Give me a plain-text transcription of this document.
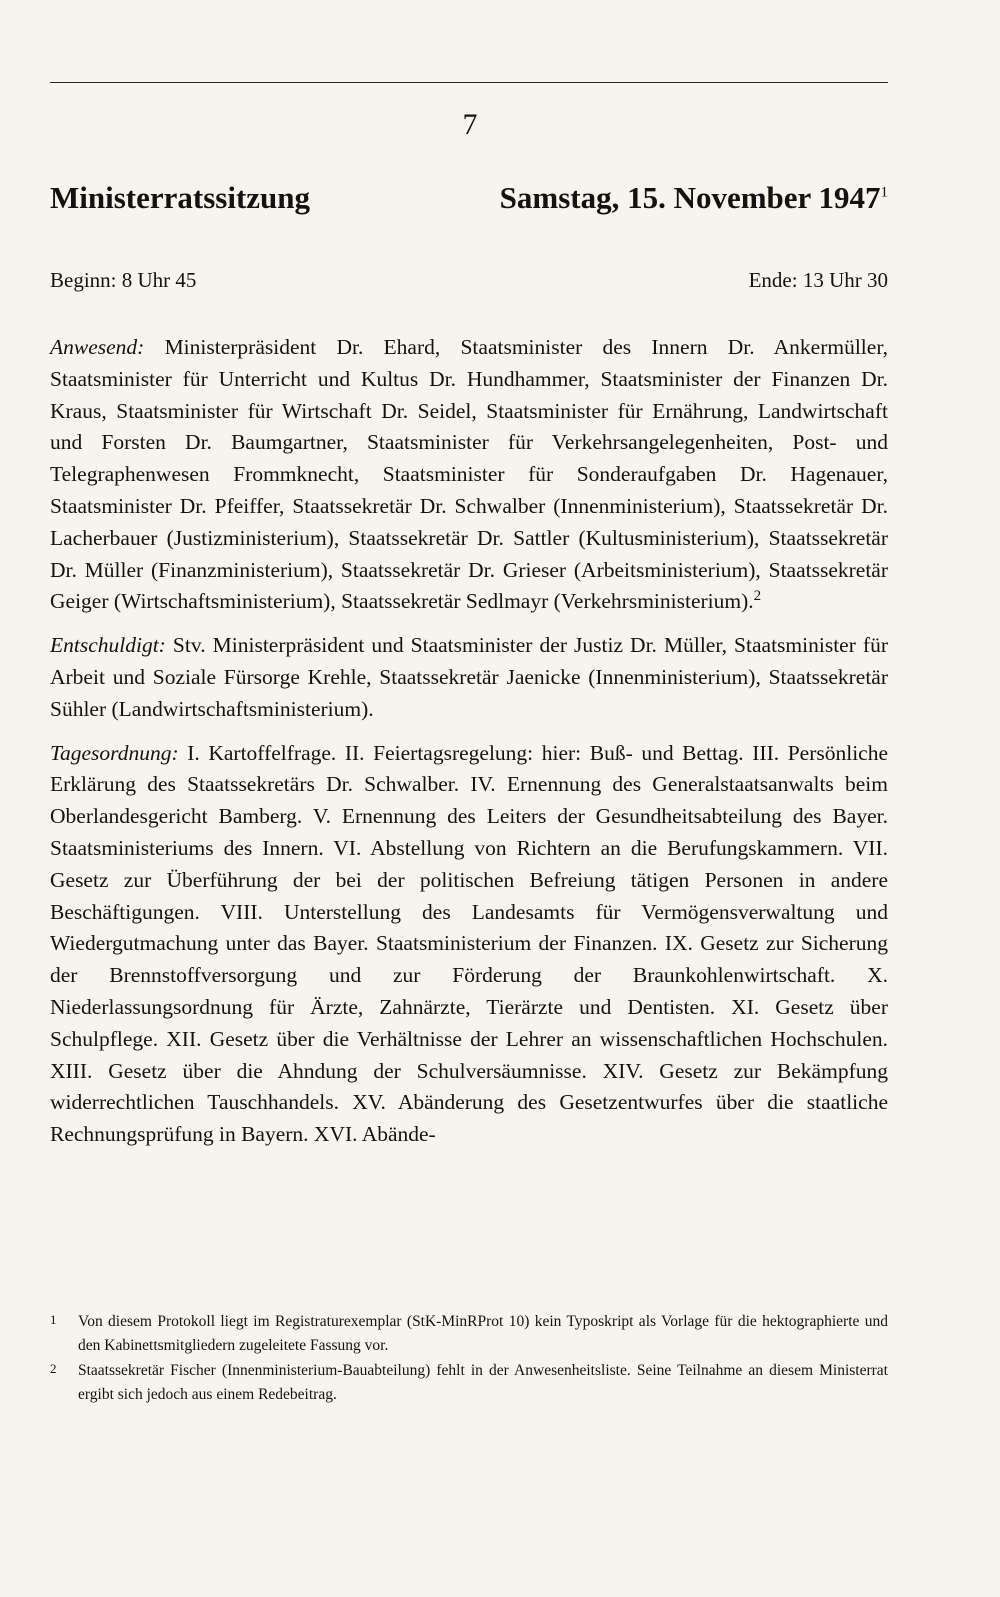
7
Ministerratssitzung	Samstag, 15. November 1947$^1$
Beginn: 8 Uhr 45	Ende: 13 Uhr 30

Anwesend: Ministerpräsident Dr. Ehard, Staatsminister des Innern Dr. Ankermüller, Staatsminister für Unterricht und Kultus Dr. Hundhammer, Staatsminister der Finanzen Dr. Kraus, Staatsminister für Wirtschaft Dr. Seidel, Staatsminister für Ernährung, Landwirtschaft und Forsten Dr. Baumgartner, Staatsminister für Verkehrsangelegenheiten, Post- und Telegraphenwesen Frommknecht, Staatsminister für Sonderaufgaben Dr. Hagenauer, Staatsminister Dr. Pfeiffer, Staatssekretär Dr. Schwalber (Innenministerium), Staatssekretär Dr. Lacherbauer (Justizministerium), Staatssekretär Dr. Sattler (Kultusministerium), Staatssekretär Dr. Müller (Finanzministerium), Staatssekretär Dr. Grieser (Arbeitsministerium), Staatssekretär Geiger (Wirtschaftsministerium), Staatssekretär Sedlmayr (Verkehrsministerium).$^2$

Entschuldigt: Stv. Ministerpräsident und Staatsminister der Justiz Dr. Müller, Staatsminister für Arbeit und Soziale Fürsorge Krehle, Staatssekretär Jaenicke (Innenministerium), Staatssekretär Sühler (Landwirtschaftsministerium).

Tagesordnung: I. Kartoffelfrage. II. Feiertagsregelung: hier: Buß- und Bettag. III. Persönliche Erklärung des Staatssekretärs Dr. Schwalber. IV. Ernennung des Generalstaatsanwalts beim Oberlandesgericht Bamberg. V. Ernennung des Leiters der Gesundheitsabteilung des Bayer. Staatsministeriums des Innern. VI. Abstellung von Richtern an die Berufungskammern. VII. Gesetz zur Überführung der bei der politischen Befreiung tätigen Personen in andere Beschäftigungen. VIII. Unterstellung des Landesamts für Vermögensverwaltung und Wiedergutmachung unter das Bayer. Staatsministerium der Finanzen. IX. Gesetz zur Sicherung der Brennstoffversorgung und zur Förderung der Braunkohlenwirtschaft. X. Niederlassungsordnung für Ärzte, Zahnärzte, Tierärzte und Dentisten. XI. Gesetz über Schulpflege. XII. Gesetz über die Verhältnisse der Lehrer an wissenschaftlichen Hochschulen. XIII. Gesetz über die Ahndung der Schulversäumnisse. XIV. Gesetz zur Bekämpfung widerrechtlichen Tauschhandels. XV. Abänderung des Gesetzentwurfes über die staatliche Rechnungsprüfung in Bayern. XVI. Abände-

1 Von diesem Protokoll liegt im Registraturexemplar (StK-MinRProt 10) kein Typoskript als Vorlage für die hektographierte und den Kabinettsmitgliedern zugeleitete Fassung vor.
2 Staatssekretär Fischer (Innenministerium-Bauabteilung) fehlt in der Anwesenheitsliste. Seine Teilnahme an diesem Ministerrat ergibt sich jedoch aus einem Redebeitrag.
